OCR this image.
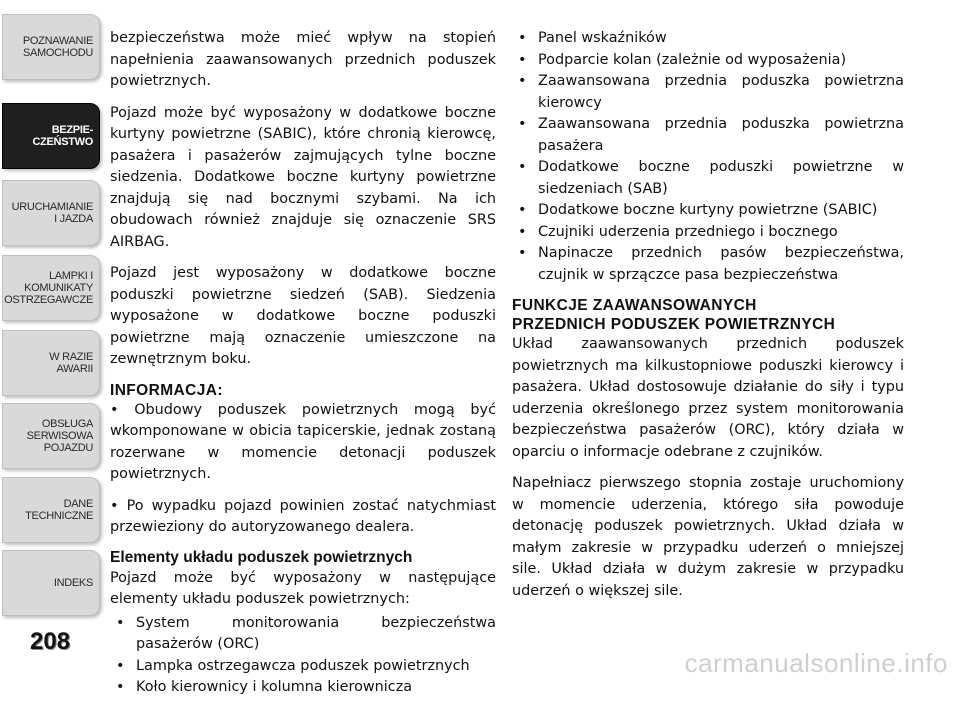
POZNAWANIE
SAMOCHODU
BEZPIE-
CZEŃSTWO
URUCHAMIANIE
I JAZDA
LAMPKI I
KOMUNIKATY
OSTRZEGAWCZE
W RAZIE
AWARII
OBSŁUGA
SERWISOWA
POJAZDU
DANE
TECHNICZNE
INDEKS
208
carmanualsonline.info

bezpieczeństwa może mieć wpływ na stopień napełnienia zaawansowanych przednich poduszek powietrznych.

Pojazd może być wyposażony w dodatkowe boczne kurtyny powietrzne (SABIC), które chronią kierowcę, pasażera i pasażerów zajmujących tylne boczne siedzenia. Dodatkowe boczne kurtyny powietrzne znajdują się nad bocznymi szybami. Na ich obudowach również znajduje się oznaczenie SRS AIRBAG.

Pojazd jest wyposażony w dodatkowe boczne poduszki powietrzne siedzeń (SAB). Siedzenia wyposażone w dodatkowe boczne poduszki powietrzne mają oznaczenie umieszczone na zewnętrznym boku.

INFORMACJA:
• Obudowy poduszek powietrznych mogą być wkomponowane w obicia tapicerskie, jednak zostaną rozerwane w momencie detonacji poduszek powietrznych.
• Po wypadku pojazd powinien zostać natychmiast przewieziony do autoryzowanego dealera.
Elementy układu poduszek powietrznych

Pojazd może być wyposażony w następujące elementy układu poduszek powietrznych:

• System monitorowania bezpieczeństwa pasażerów (ORC)
• Lampka ostrzegawcza poduszek powietrznych
• Koło kierownicy i kolumna kierownicza
• Panel wskaźników
• Podparcie kolan (zależnie od wyposażenia)
• Zaawansowana przednia poduszka powietrzna kierowcy
• Zaawansowana przednia poduszka powietrzna pasażera
• Dodatkowe boczne poduszki powietrzne w siedzeniach (SAB)
• Dodatkowe boczne kurtyny powietrzne (SABIC)
• Czujniki uderzenia przedniego i bocznego
• Napinacze przednich pasów bezpieczeństwa, czujnik w sprzączce pasa bezpieczeństwa
FUNKCJE ZAAWANSOWANYCH
PRZEDNICH PODUSZEK POWIETRZNYCH

Układ zaawansowanych przednich poduszek powietrznych ma kilkustopniowe poduszki kierowcy i pasażera. Układ dostosowuje działanie do siły i typu uderzenia określonego przez system monitorowania bezpieczeństwa pasażerów (ORC), który działa w oparciu o informacje odebrane z czujników.

Napełniacz pierwszego stopnia zostaje uruchomiony w momencie uderzenia, którego siła powoduje detonację poduszek powietrznych. Układ działa w małym zakresie w przypadku uderzeń o mniejszej sile. Układ działa w dużym zakresie w przypadku uderzeń o większej sile.
